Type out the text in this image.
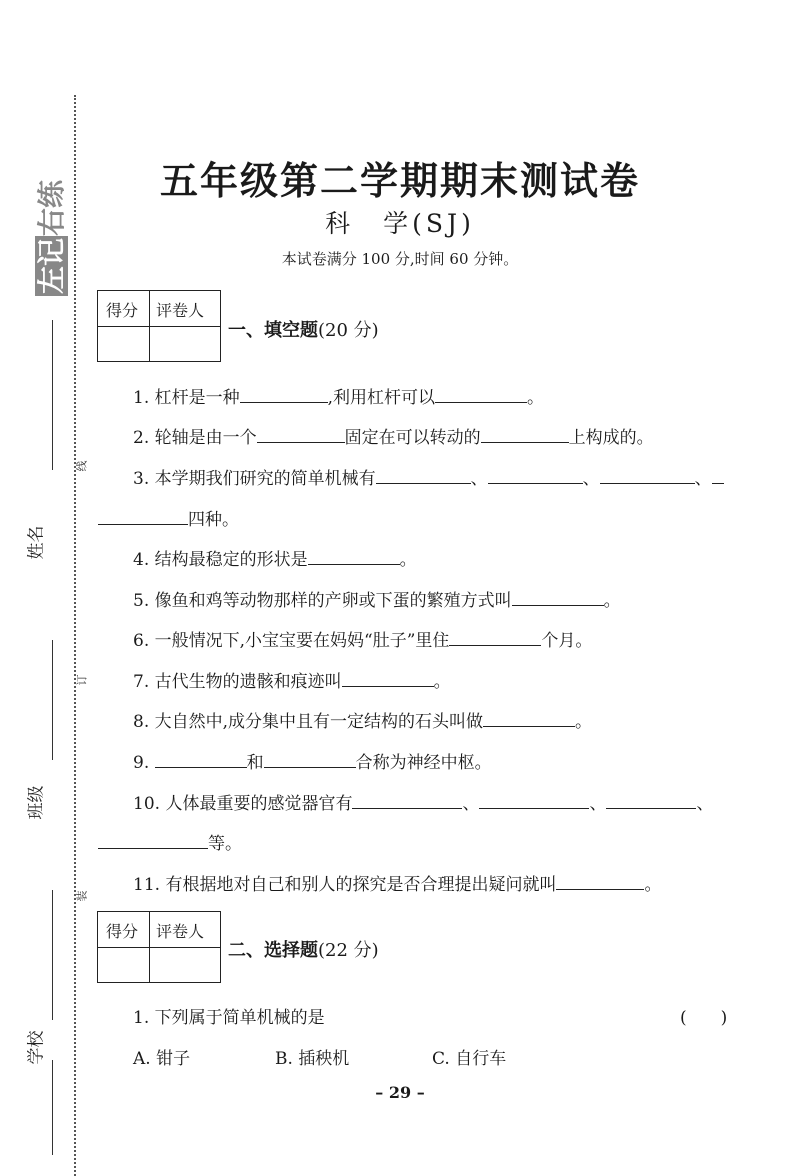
左记右练
姓名
班级
学校
线
订
装
五年级第二学期期末测试卷
科　学(SJ)
本试卷满分 100 分,时间 60 分钟。
得分 评卷人
一、填空题(20 分)
1. 杠杆是一种	,利用杠杆可以	。
2. 轮轴是由一个	固定在可以转动的	上构成的。
3. 本学期我们研究的简单机械有	、	、	、
四种。
4. 结构最稳定的形状是	。
5. 像鱼和鸡等动物那样的产卵或下蛋的繁殖方式叫	。
6. 一般情况下,小宝宝要在妈妈“肚子”里住	个月。
7. 古代生物的遗骸和痕迹叫	。
8. 大自然中,成分集中且有一定结构的石头叫做	。
9.	和	合称为神经中枢。
10. 人体最重要的感觉器官有	、	、	、
等。
11. 有根据地对自己和别人的探究是否合理提出疑问就叫	。
得分 评卷人
二、选择题(22 分)
1. 下列属于简单机械的是	(　　)
A. 钳子	B. 插秧机	C. 自行车
– 29 –
